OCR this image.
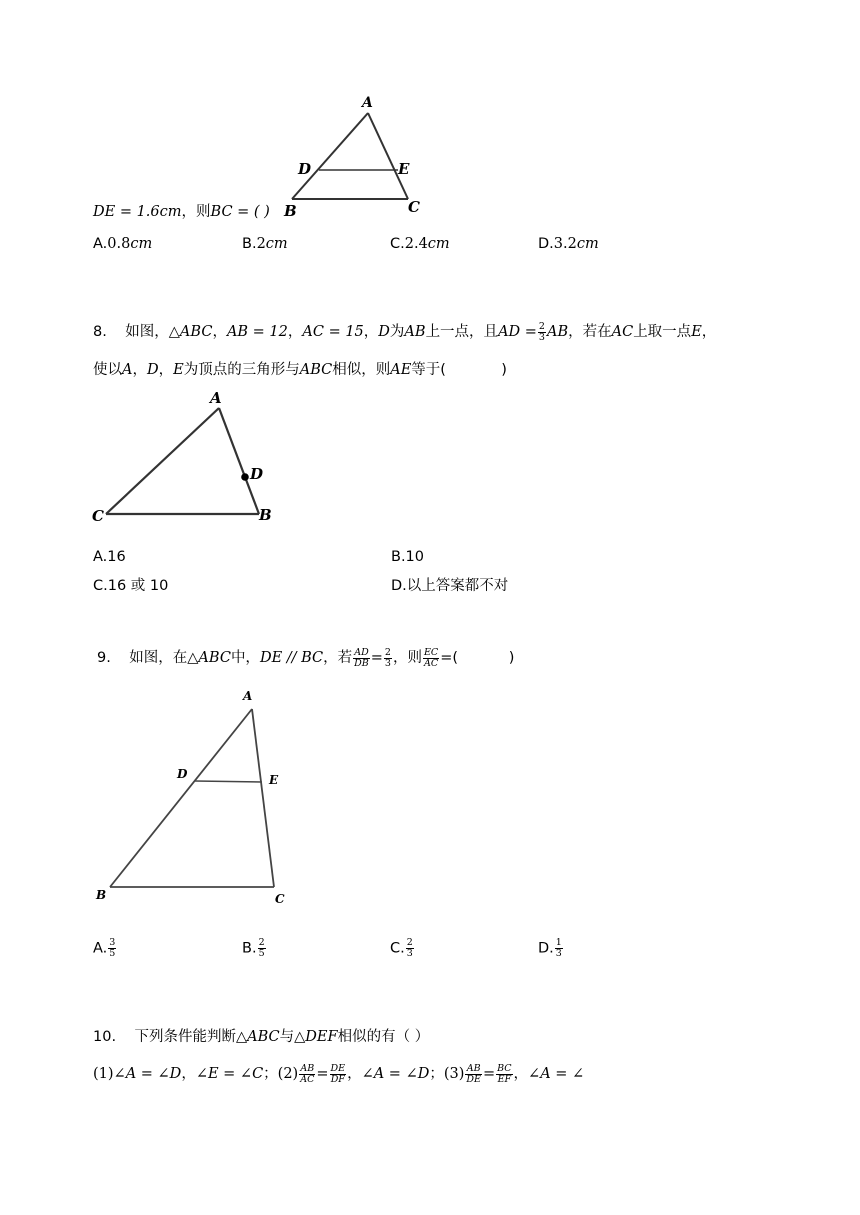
A
D	E
B	C
DE = 1.6cm，则BC = ( )
A.0.8cm	B.2cm	C.2.4cm	D.3.2cm
8. 如图，△ABC，AB = 12，AC = 15，D为AB上一点，且AD = $\frac{2}{3}$ AB，若在AC上取一点E，
使以A，D，E为顶点的三角形与ABC相似，则AE等于(	)
A
D
C	B
A.16	B.10
C.16 或 10	D.以上答案都不对
9. 如图，在△ABC中，DE // BC，若 $\frac{AD}{DB} = \frac{2}{3}$ ，则 $\frac{EC}{AC}$ =(	)
A
D	E
B	C
A. $\frac{3}{5}$	B. $\frac{2}{5}$	C. $\frac{2}{3}$	D. $\frac{1}{3}$
10. 下列条件能判断△ABC与△DEF相似的有（ ）
(1)∠A = ∠D，∠E = ∠C；$(2) \frac{AB}{AC} = \frac{DE}{DF}$ ，∠A = ∠D；$(3) \frac{AB}{DE} = \frac{BC}{EF}$ ，∠A = ∠
